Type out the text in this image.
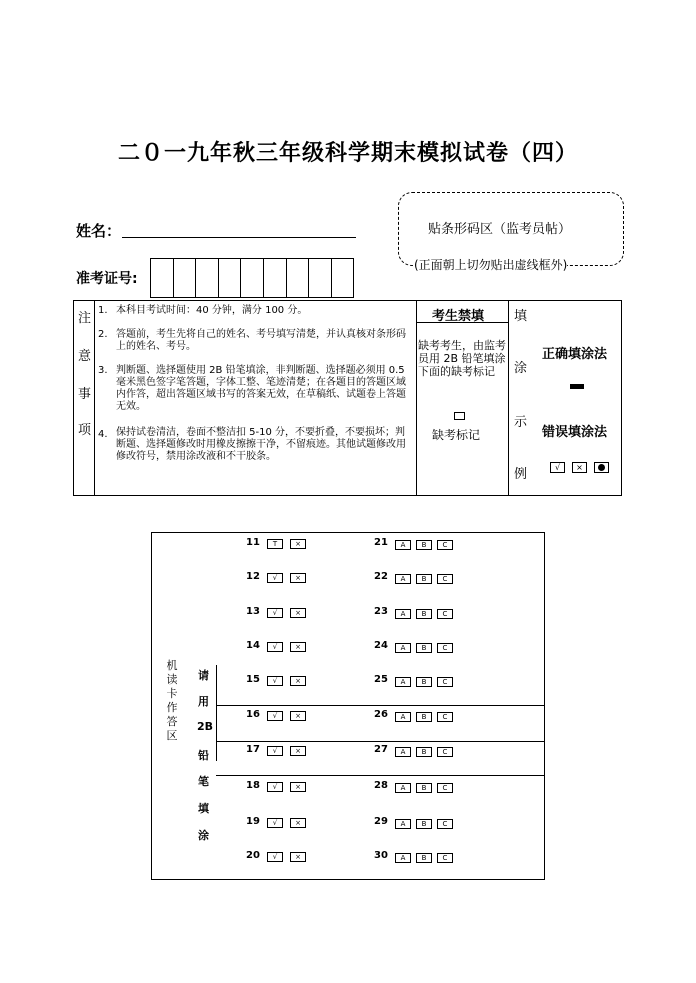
二０一九年秋三年级科学期末模拟试卷（四）
姓名：
准考证号:
贴条形码区（监考员帖）
(正面朝上切勿贴出虚线框外)
注
意
事
项
1. 本科目考试时间：40 分钟，满分 100 分。
2. 答题前，考生先将自己的姓名、考号填写清楚，并认真核对条形码上的姓名、考号。
3. 判断题、选择题使用 2B 铅笔填涂，非判断题、选择题必须用 0.5 毫米黑色签字笔答题，字体工整、笔迹清楚；在各题目的答题区域内作答，超出答题区域书写的答案无效，在草稿纸、试题卷上答题无效。
4. 保持试卷清洁，卷面不整洁扣 5-10 分，不要折叠，不要损坏；判断题、选择题修改时用橡皮擦擦干净，不留痕迹。其他试题修改用修改符号，禁用涂改液和不干胶条。
考生禁填
缺考考生，由监考员用 2B 铅笔填涂下面的缺考标记
缺考标记
填
涂
示
例
正确填涂法
错误填涂法
√	×
机
读
卡
作
答
区
请
用
2B
铅
笔
填
涂
11	T	×
12	√	×
13	√	×
14	√	×
15	√	×
16	√	×
17	√	×
18	√	×
19	√	×
20	√	×
21	A	B	C
22	A	B	C
23	A	B	C
24	A	B	C
25	A	B	C
26	A	B	C
27	A	B	C
28	A	B	C
29	A	B	C
30	A	B	C
